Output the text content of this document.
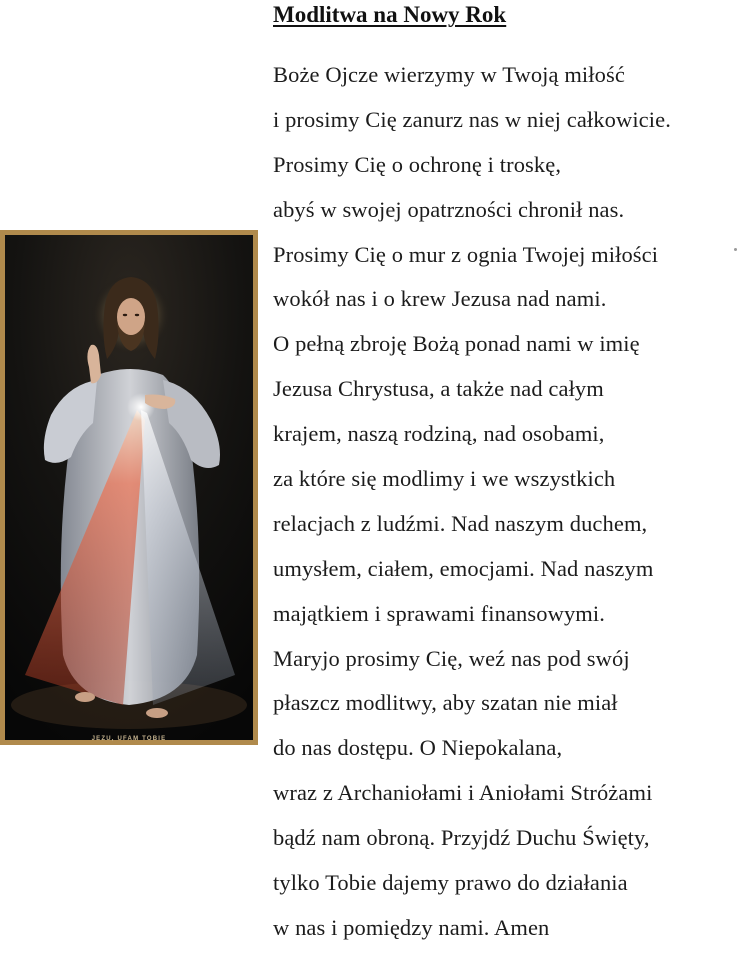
Modlitwa na Nowy Rok
Boże Ojcze wierzymy w Twoją miłość
i prosimy Cię zanurz nas w niej całkowicie.
Prosimy Cię o ochronę i troskę,
abyś w swojej opatrzności chronił nas.
Prosimy Cię o mur z ognia Twojej miłości
wokół nas i o krew Jezusa nad nami.
O pełną zbroję Bożą ponad nami w imię
Jezusa Chrystusa, a także nad całym
krajem, naszą rodziną, nad osobami,
za które się modlimy i we wszystkich
relacjach z ludźmi. Nad naszym duchem,
umysłem, ciałem, emocjami. Nad naszym
majątkiem i sprawami finansowymi.
Maryjo prosimy Cię, weź nas pod swój
płaszcz modlitwy, aby szatan nie miał
do nas dostępu. O Niepokalana,
wraz z Archaniołami i Aniołami Stróżami
bądź nam obroną. Przyjdź Duchu Święty,
tylko Tobie dajemy prawo do działania
w nas i pomiędzy nami. Amen
JEZU, UFAM TOBIE
